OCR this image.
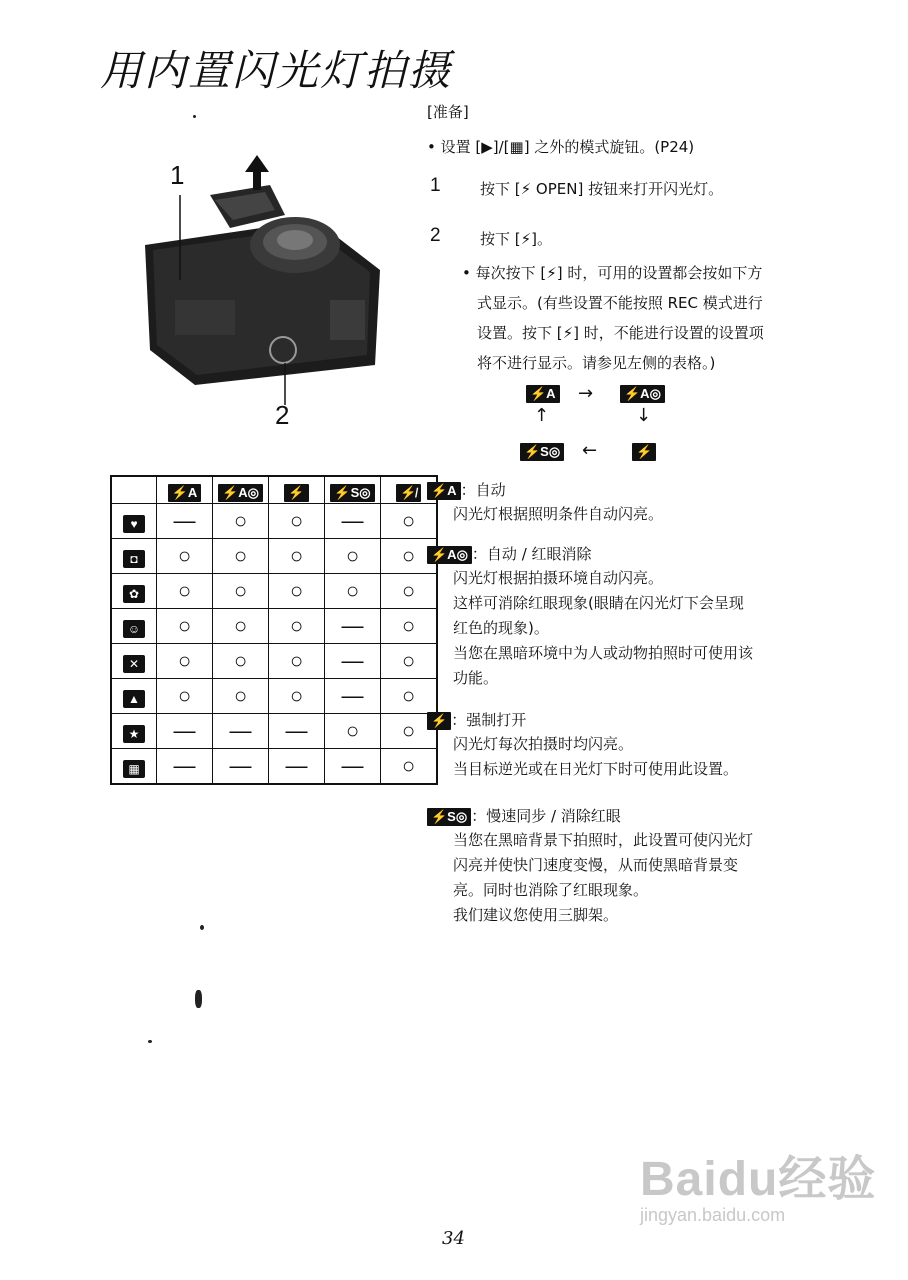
用内置闪光灯拍摄
1
2
	⚡A	⚡A◎	⚡	⚡S◎	⚡̸
♥	—	○	○	—	○
◘	○	○	○	○	○
✿	○	○	○	○	○
☺	○	○	○	—	○
✕	○	○	○	—	○
▲	○	○	○	—	○
★	—	—	—	○	○
▦	—	—	—	—	○
[准备]
• 设置 [▶]/[▦] 之外的模式旋钮。(P24)
1	按下 [⚡ OPEN] 按钮来打开闪光灯。
2	按下 [⚡]。
• 每次按下 [⚡] 时，可用的设置都会按如下方
式显示。(有些设置不能按照 REC 模式进行
设置。按下 [⚡] 时，不能进行设置的设置项
将不进行显示。请参见左侧的表格。)
⚡A →	⚡A◎
↑	↓
⚡S◎ ←	⚡
⚡A ：自动
闪光灯根据照明条件自动闪亮。
⚡A◎ ：自动 / 红眼消除
闪光灯根据拍摄环境自动闪亮。
这样可消除红眼现象(眼睛在闪光灯下会呈现
红色的现象)。
当您在黑暗环境中为人或动物拍照时可使用该
功能。
⚡ ：强制打开
闪光灯每次拍摄时均闪亮。
当目标逆光或在日光灯下时可使用此设置。
⚡S◎ ：慢速同步 / 消除红眼
当您在黑暗背景下拍照时，此设置可使闪光灯
闪亮并使快门速度变慢，从而使黑暗背景变
亮。同时也消除了红眼现象。
我们建议您使用三脚架。
Baidu经验
jingyan.baidu.com
34
